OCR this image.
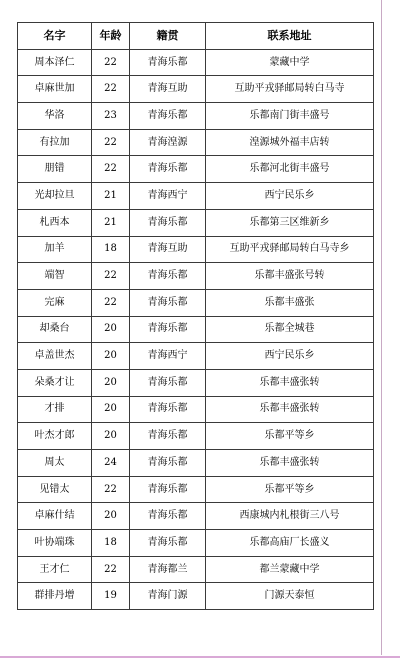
名字	年龄	籍贯	联系地址
周本泽仁	22	青海乐都	蒙藏中学
卓麻世加	22	青海互助	互助平戎驿邮局转白马寺
华洛	23	青海乐都	乐都南门街丰盛号
有拉加	22	青海湟源	湟源城外福丰店转
朋错	22	青海乐都	乐都河北街丰盛号
光却拉旦	21	青海西宁	西宁民乐乡
札西本	21	青海乐都	乐都第三区维新乡
加羊	18	青海互助	互助平戎驿邮局转白马寺乡
端智	22	青海乐都	乐都丰盛张号转
完麻	22	青海乐都	乐都丰盛张
却桑台	20	青海乐都	乐都全城巷
卓盖世杰	20	青海西宁	西宁民乐乡
朵桑才让	20	青海乐都	乐都丰盛张转
才排	20	青海乐都	乐都丰盛张转
叶杰才郎	20	青海乐都	乐都平等乡
周太	24	青海乐都	乐都丰盛张转
见错太	22	青海乐都	乐都平等乡
卓麻什结	20	青海乐都	西康城内札根街三八号
叶协端珠	18	青海乐都	乐都高庙厂长盛义
王才仁	22	青海都兰	都兰蒙藏中学
群排丹增	19	青海门源	门源天泰恒
